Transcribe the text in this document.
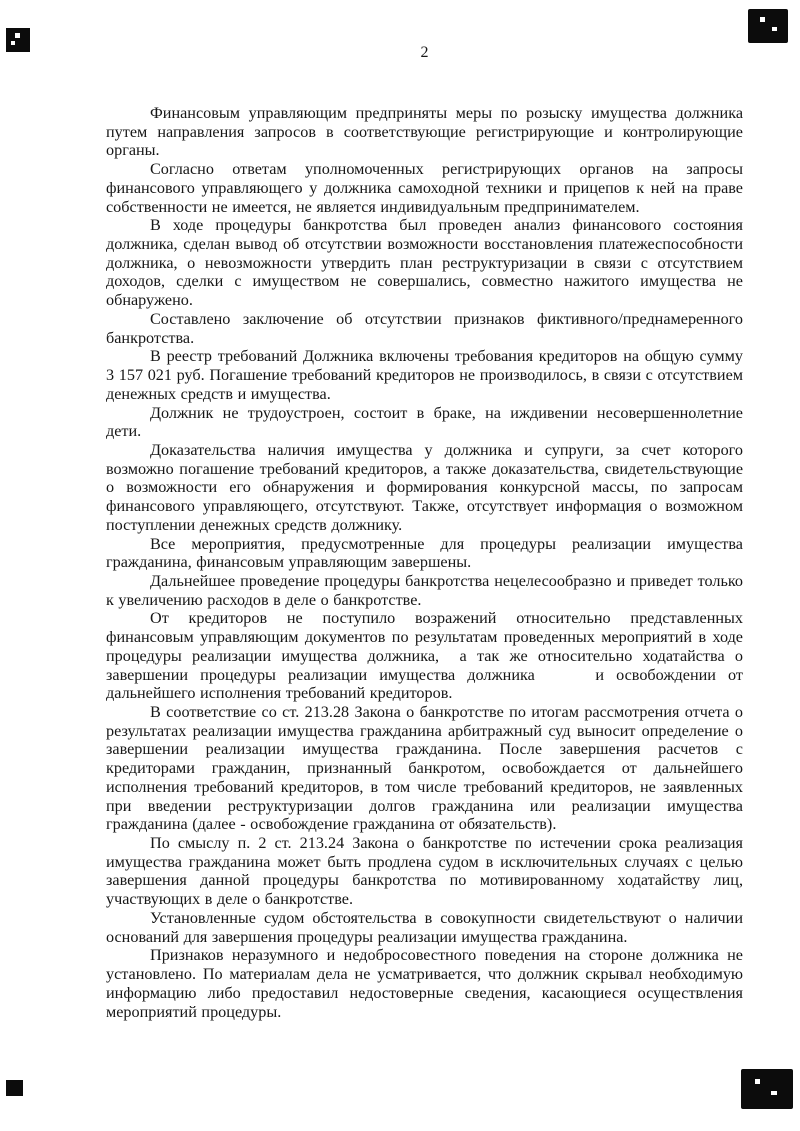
2

Финансовым управляющим предприняты меры по розыску имущества должника путем направления запросов в соответствующие регистрирующие и контролирующие органы.

Согласно ответам уполномоченных регистрирующих органов на запросы финансового управляющего у должника самоходной техники и прицепов к ней на праве собственности не имеется, не является индивидуальным предпринимателем.

В ходе процедуры банкротства был проведен анализ финансового состояния должника, сделан вывод об отсутствии возможности восстановления платежеспособности должника, о невозможности утвердить план реструктуризации в связи с отсутствием доходов, сделки с имуществом не совершались, совместно нажитого имущества не обнаружено.

Составлено заключение об отсутствии признаков фиктивного/преднамеренного банкротства.

В реестр требований Должника включены требования кредиторов на общую сумму 3 157 021 руб. Погашение требований кредиторов не производилось, в связи с отсутствием денежных средств и имущества.

Должник не трудоустроен, состоит в браке, на иждивении несовершеннолетние дети.

Доказательства наличия имущества у должника и супруги, за счет которого возможно погашение требований кредиторов, а также доказательства, свидетельствующие о возможности его обнаружения и формирования конкурсной массы, по запросам финансового управляющего, отсутствуют. Также, отсутствует информация о возможном поступлении денежных средств должнику.

Все мероприятия, предусмотренные для процедуры реализации имущества гражданина, финансовым управляющим завершены.

Дальнейшее проведение процедуры банкротства нецелесообразно и приведет только к увеличению расходов в деле о банкротстве.

От кредиторов не поступило возражений относительно представленных финансовым управляющим документов по результатам проведенных мероприятий в ходе процедуры реализации имущества должника,  а так же относительно ходатайства о завершении процедуры реализации имущества должника     и освобождении от дальнейшего исполнения требований кредиторов.

В соответствие со ст. 213.28 Закона о банкротстве по итогам рассмотрения отчета о результатах реализации имущества гражданина арбитражный суд выносит определение о завершении реализации имущества гражданина. После завершения расчетов с кредиторами гражданин, признанный банкротом, освобождается от дальнейшего исполнения требований кредиторов, в том числе требований кредиторов, не заявленных при введении реструктуризации долгов гражданина или реализации имущества гражданина (далее - освобождение гражданина от обязательств).

По смыслу п. 2 ст. 213.24 Закона о банкротстве по истечении срока реализация имущества гражданина может быть продлена судом в исключительных случаях с целью завершения данной процедуры банкротства по мотивированному ходатайству лиц, участвующих в деле о банкротстве.

Установленные судом обстоятельства в совокупности свидетельствуют о наличии оснований для завершения процедуры реализации имущества гражданина.

Признаков неразумного и недобросовестного поведения на стороне должника не установлено. По материалам дела не усматривается, что должник скрывал необходимую информацию либо предоставил недостоверные сведения, касающиеся осуществления мероприятий процедуры.
